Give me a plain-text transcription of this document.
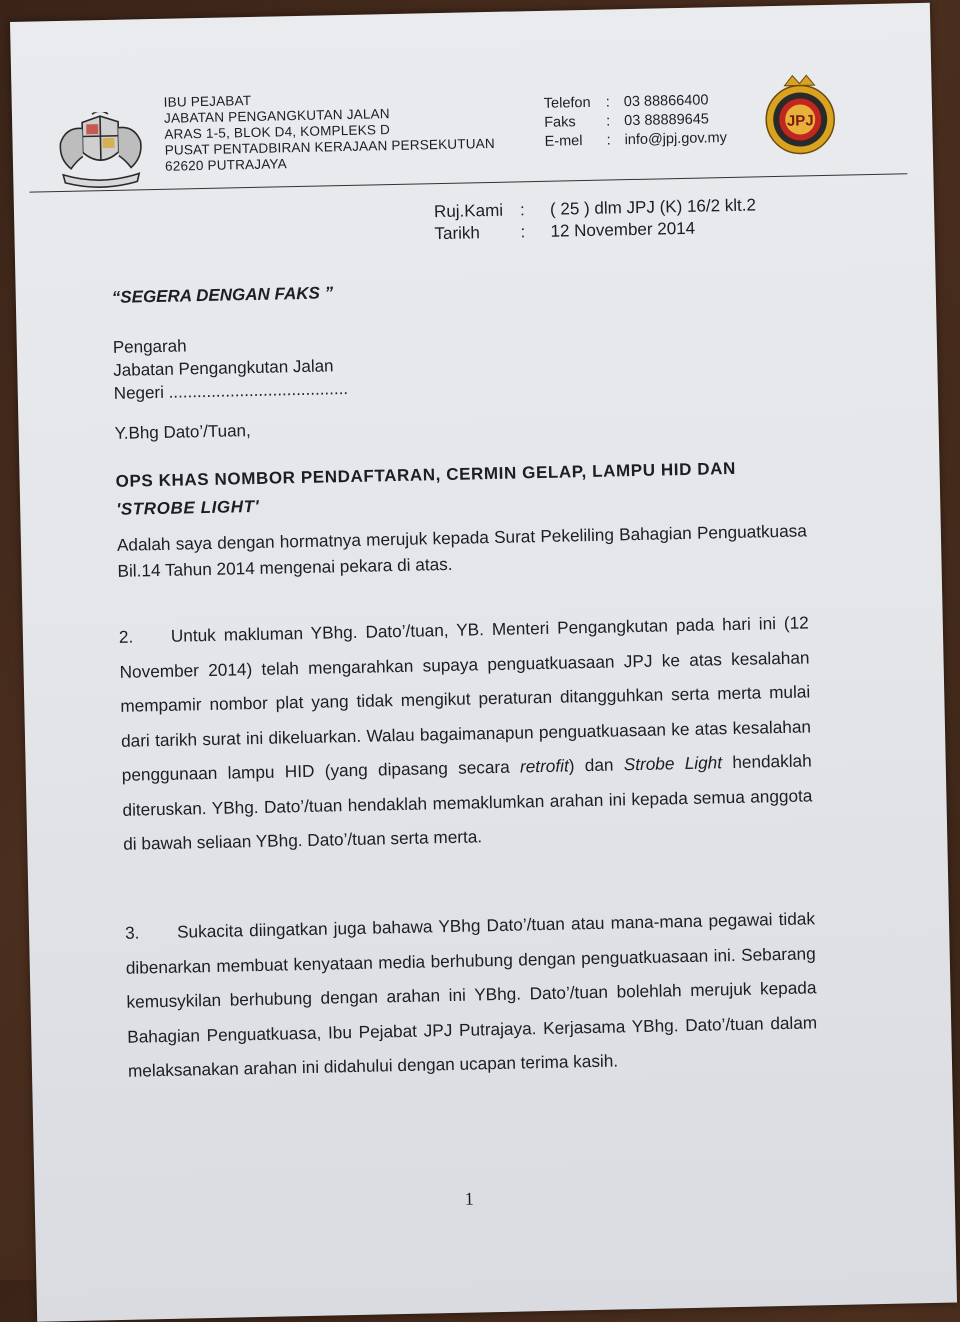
IBU PEJABAT
JABATAN PENGANGKUTAN JALAN
ARAS 1-5, BLOK D4, KOMPLEKS D
PUSAT PENTADBIRAN KERAJAAN PERSEKUTUAN
62620 PUTRAJAYA
Telefon	: 03 88866400
Faks	: 03 88889645
E-mel	: info@jpj.gov.my
JPJ
Ruj.Kami :	( 25 ) dlm JPJ (K) 16/2 klt.2
Tarikh	:	12 November 2014
“SEGERA DENGAN FAKS ”
Pengarah
Jabatan Pengangkutan Jalan
Negeri ......................................
Y.Bhg Dato’/Tuan,
OPS KHAS NOMBOR PENDAFTARAN, CERMIN GELAP, LAMPU HID DAN
'STROBE LIGHT'
Adalah saya dengan hormatnya merujuk kepada Surat Pekeliling Bahagian Penguatkuasa Bil.14 Tahun 2014 mengenai pekara di atas.
2. Untuk makluman YBhg. Dato’/tuan, YB. Menteri Pengangkutan pada hari ini (12 November 2014) telah mengarahkan supaya penguatkuasaan JPJ ke atas kesalahan mempamir nombor plat yang tidak mengikut peraturan ditangguhkan serta merta mulai dari tarikh surat ini dikeluarkan. Walau bagaimanapun penguatkuasaan ke atas kesalahan penggunaan lampu HID (yang dipasang secara retrofit) dan Strobe Light hendaklah diteruskan. YBhg. Dato’/tuan hendaklah memaklumkan arahan ini kepada semua anggota di bawah seliaan YBhg. Dato’/tuan serta merta.
3. Sukacita diingatkan juga bahawa YBhg Dato’/tuan atau mana-mana pegawai tidak dibenarkan membuat kenyataan media berhubung dengan penguatkuasaan ini. Sebarang kemusykilan berhubung dengan arahan ini YBhg. Dato’/tuan bolehlah merujuk kepada Bahagian Penguatkuasa, Ibu Pejabat JPJ Putrajaya. Kerjasama YBhg. Dato’/tuan dalam melaksanakan arahan ini didahului dengan ucapan terima kasih.
1
